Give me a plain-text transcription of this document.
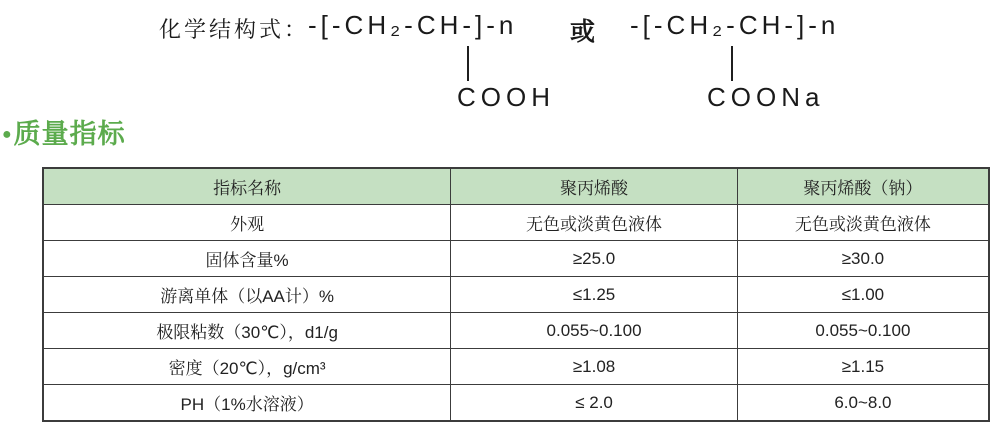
化学结构式：
-[-CH₂-CH-]-n 或 -[-CH₂-CH-]-n
COOH	COONa
●质量指标
指标名称	聚丙烯酸	聚丙烯酸（钠）
外观	无色或淡黄色液体	无色或淡黄色液体
固体含量%	≥25.0	≥30.0
游离单体（以AA计）%	≤1.25	≤1.00
极限粘数（30℃），d1/g	0.055~0.100	0.055~0.100
密度（20℃），g/cm³	≥1.08	≥1.15
PH（1%水溶液）	≤ 2.0	6.0~8.0
